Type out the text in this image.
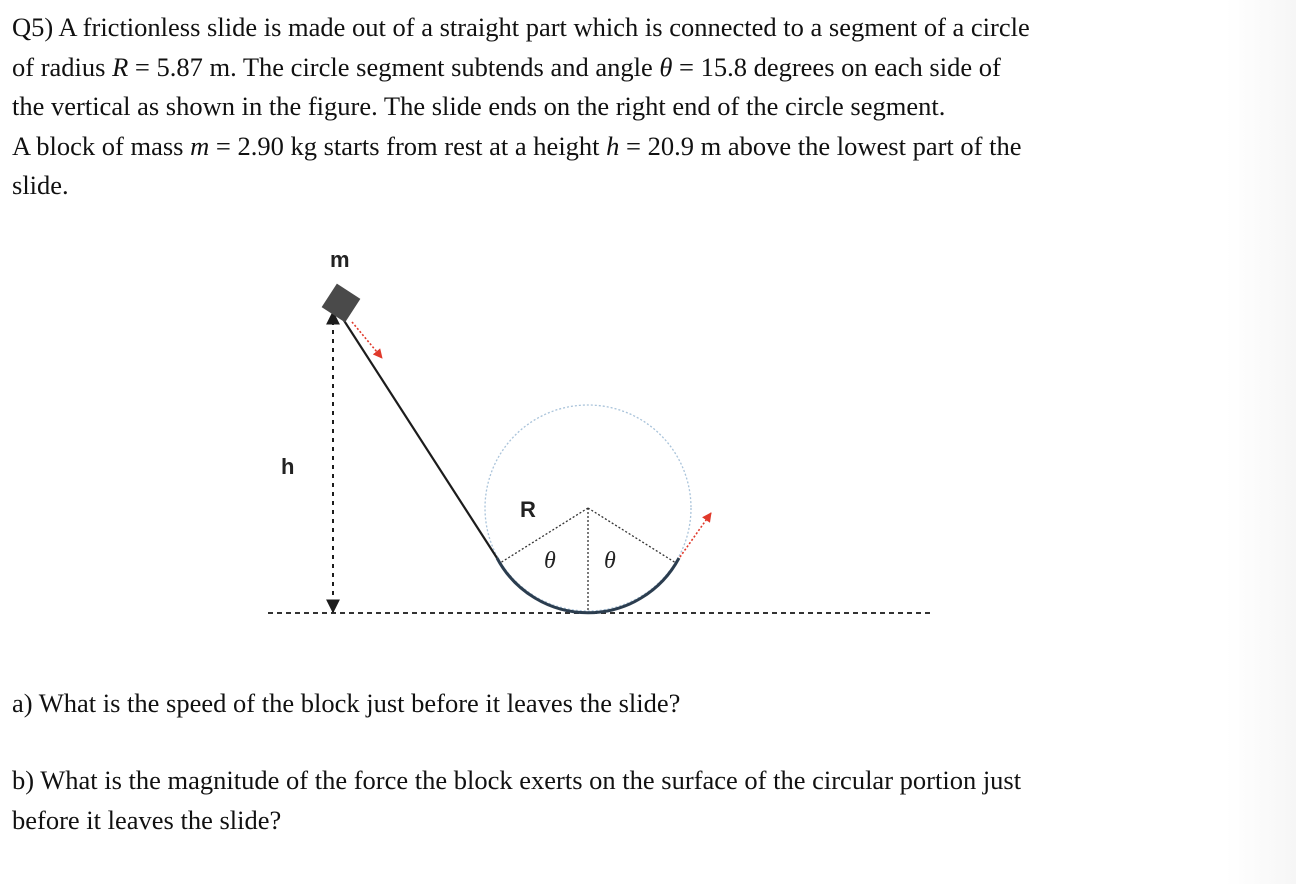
Q5) A frictionless slide is made out of a straight part which is connected to a segment of a circle

of radius R = 5.87 m. The circle segment subtends and angle θ = 15.8 degrees on each side of

the vertical as shown in the figure. The slide ends on the right end of the circle segment.

A block of mass m = 2.90 kg starts from rest at a height h = 20.9 m above the lowest part of the

slide.

m
h
R
θ θ

a) What is the speed of the block just before it leaves the slide?

b) What is the magnitude of the force the block exerts on the surface of the circular portion just

before it leaves the slide?
